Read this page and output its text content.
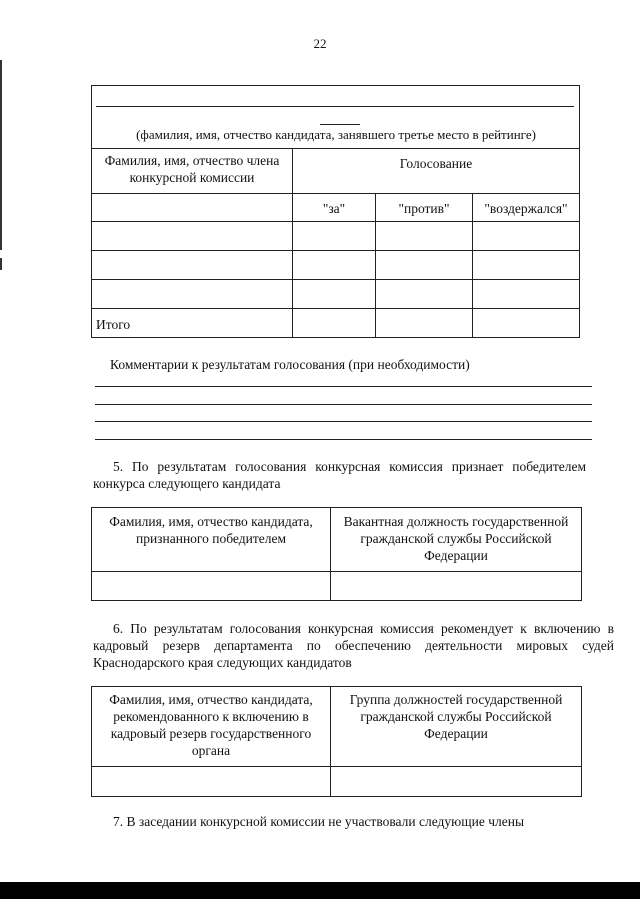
22
(фамилия, имя, отчество кандидата, занявшего третье место в рейтинге)			

Фамилия, имя, отчество члена конкурсной комиссии	Голосование		
	"за"	"против"	"воздержался"

Итого			
Комментарии к результатам голосования (при необходимости)
5. По результатам голосования конкурсная комиссия признает победителем конкурса следующего кандидата
Фамилия, имя, отчество кандидата, признанного победителем	Вакантная должность государственной гражданской службы Российской Федерации

6. По результатам голосования конкурсная комиссия рекомендует к включению в кадровый резерв департамента по обеспечению деятельности мировых судей Краснодарского края следующих кандидатов
Фамилия, имя, отчество кандидата, рекомендованного к включению в кадровый резерв государственного органа	Группа должностей государственной гражданской службы Российской Федерации

7. В заседании конкурсной комиссии не участвовали следующие члены
